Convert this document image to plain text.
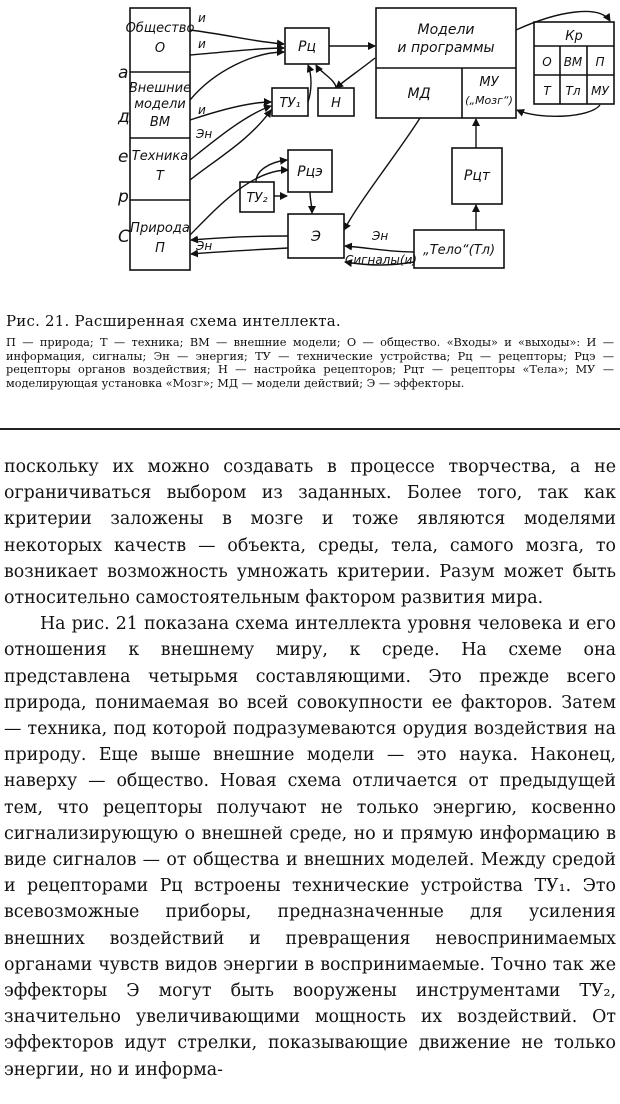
а
д
е
р
С
Общество
О
Внешние
модели
ВМ
Техника
Т
Природа
П
Рц
ТУ₁ Н
Рцэ
ТУ₂
Э
Модели
и программы
МД
МУ
(„Мозг“)
Рцт
„Тело“(Тл)
Сигналы(и)
Кр
О ВМ П
Т Тл МУ
и
и
и
Эн
Эн
Эн
Рис. 21. Расширенная схема интеллекта.
П — природа; Т — техника; ВМ — внешние модели; О — общество. «Входы» и «выходы»: И — информация, сигналы; Эн — энергия; ТУ — технические устройства; Рц — рецепторы; Рцэ — рецепторы органов воздействия; Н — настройка рецепторов; Рцт — рецепторы «Тела»; МУ — моделирующая установка «Мозг»; МД — модели действий; Э — эффекторы.

поскольку их можно создавать в процессе творчества, а не ограничиваться выбором из заданных. Более того, так как критерии заложены в мозге и тоже являются моделями некоторых качеств — объекта, среды, тела, самого мозга, то возникает возможность умножать критерии. Разум может быть относительно самостоятельным фактором развития мира.

На рис. 21 показана схема интеллекта уровня человека и его отношения к внешнему миру, к среде. На схеме она представлена четырьмя составляющими. Это прежде всего природа, понимаемая во всей совокупности ее факторов. Затем — техника, под которой подразумеваются орудия воздействия на природу. Еще выше внешние модели — это наука. Наконец, наверху — общество. Новая схема отличается от предыдущей тем, что рецепторы получают не только энергию, косвенно сигнализирующую о внешней среде, но и прямую информацию в виде сигналов — от общества и внешних моделей. Между средой и рецепторами Рц встроены технические устройства ТУ₁. Это всевозможные приборы, предназначенные для усиления внешних воздействий и превращения невоспринимаемых органами чувств видов энергии в воспринимаемые. Точно так же эффекторы Э могут быть вооружены инструментами ТУ₂, значительно увеличивающими мощность их воздействий. От эффекторов идут стрелки, показывающие движение не только энергии, но и информа-
